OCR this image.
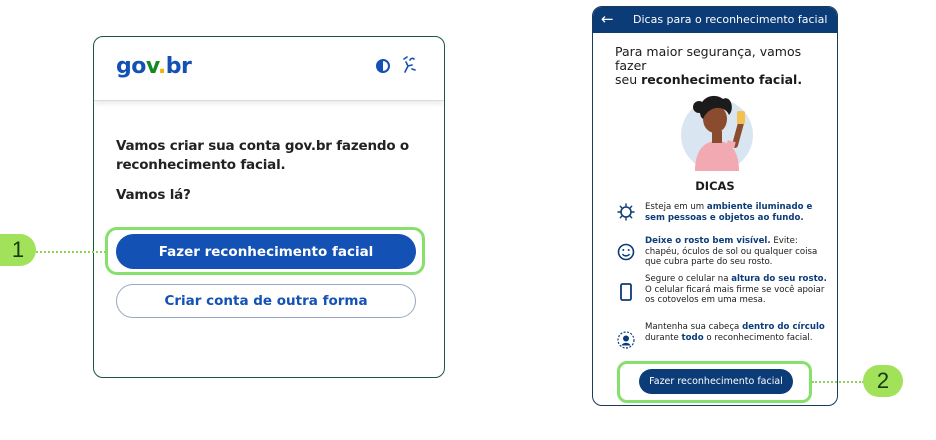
gov.br
Vamos criar sua conta gov.br fazendo o reconhecimento facial.
Vamos lá?
Fazer reconhecimento facial
Criar conta de outra forma
1
← Dicas para o reconhecimento facial
Para maior segurança, vamos fazer
seu reconhecimento facial.
DICAS
Esteja em um ambiente iluminado e sem pessoas e objetos ao fundo.
Deixe o rosto bem visível. Evite: chapéu, óculos de sol ou qualquer coisa que cubra parte do seu rosto.
Segure o celular na altura do seu rosto. O celular ficará mais firme se você apoiar os cotovelos em uma mesa.
Mantenha sua cabeça dentro do círculo durante todo o reconhecimento facial.
Fazer reconhecimento facial	2
